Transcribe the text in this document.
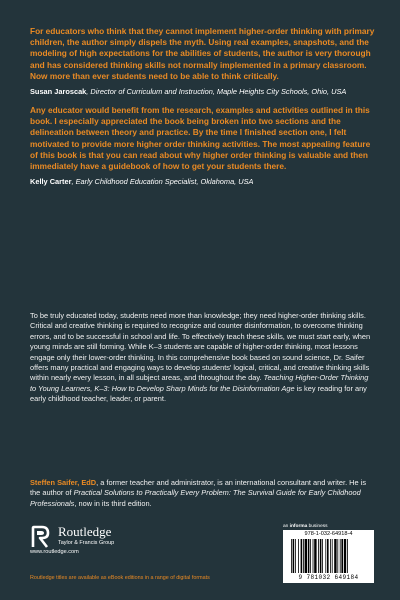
For educators who think that they cannot implement higher-order thinking with primary children, the author simply dispels the myth. Using real examples, snapshots, and the modeling of high expectations for the abilities of students, the author is very thorough and has considered thinking skills not normally implemented in a primary classroom. Now more than ever students need to be able to think critically.

Susan Jaroscak, Director of Curriculum and Instruction, Maple Heights City Schools, Ohio, USA

Any educator would benefit from the research, examples and activities outlined in this book. I especially appreciated the book being broken into two sections and the delineation between theory and practice. By the time I finished section one, I felt motivated to provide more higher order thinking activities. The most appealing feature of this book is that you can read about why higher order thinking is valuable and then immediately have a guidebook of how to get your students there.

Kelly Carter, Early Childhood Education Specialist, Oklahoma, USA

To be truly educated today, students need more than knowledge; they need higher-order thinking skills. Critical and creative thinking is required to recognize and counter disinformation, to overcome thinking errors, and to be successful in school and life. To effectively teach these skills, we must start early, when young minds are still forming. While K–3 students are capable of higher-order thinking, most lessons engage only their lower-order thinking. In this comprehensive book based on sound science, Dr. Saifer offers many practical and engaging ways to develop students' logical, critical, and creative thinking skills within nearly every lesson, in all subject areas, and throughout the day. Teaching Higher-Order Thinking to Young Learners, K–3: How to Develop Sharp Minds for the Disinformation Age is key reading for any early childhood teacher, leader, or parent.

Steffen Saifer, EdD, a former teacher and administrator, is an international consultant and writer. He is the author of Practical Solutions to Practically Every Problem: The Survival Guide for Early Childhood Professionals, now in its third edition.

Routledge
Taylor & Francis Group
www.routledge.com
Routledge titles are available as eBook editions in a range of digital formats
an informa business
978-1-032-64918-4
9 781032 649184
